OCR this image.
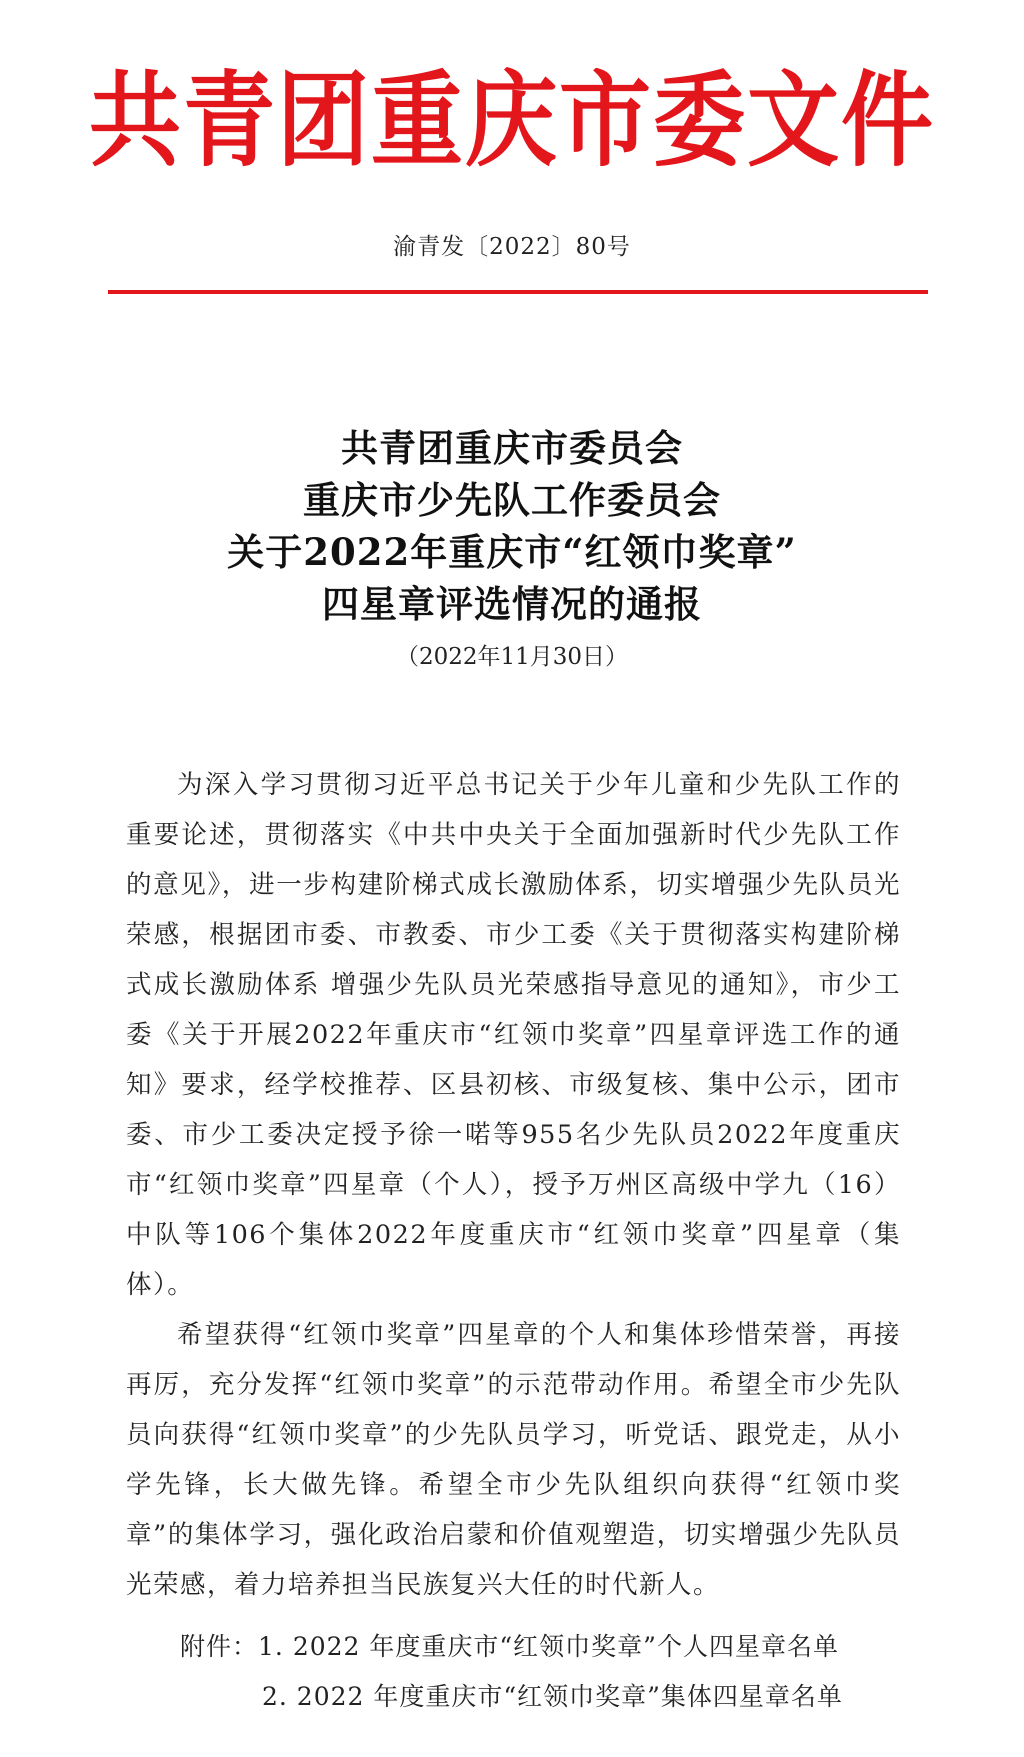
共青团重庆市委文件
渝青发〔2022〕80号
共青团重庆市委员会
重庆市少先队工作委员会
关于2022年重庆市“红领巾奖章”
四星章评选情况的通报
（2022年11月30日）

为深入学习贯彻习近平总书记关于少年儿童和少先队工作的重要论述，贯彻落实《中共中央关于全面加强新时代少先队工作的意见》，进一步构建阶梯式成长激励体系，切实增强少先队员光荣感，根据团市委、市教委、市少工委《关于贯彻落实构建阶梯式成长激励体系 增强少先队员光荣感指导意见的通知》，市少工委《关于开展2022年重庆市“红领巾奖章”四星章评选工作的通知》要求，经学校推荐、区县初核、市级复核、集中公示，团市委、市少工委决定授予徐一喏等955名少先队员2022年度重庆市“红领巾奖章”四星章（个人），授予万州区高级中学九（16）中队等106个集体2022年度重庆市“红领巾奖章”四星章（集体）。

希望获得“红领巾奖章”四星章的个人和集体珍惜荣誉，再接再厉，充分发挥“红领巾奖章”的示范带动作用。希望全市少先队员向获得“红领巾奖章”的少先队员学习，听党话、跟党走，从小学先锋，长大做先锋。希望全市少先队组织向获得“红领巾奖章”的集体学习，强化政治启蒙和价值观塑造，切实增强少先队员光荣感，着力培养担当民族复兴大任的时代新人。

附件：1. 2022 年度重庆市“红领巾奖章”个人四星章名单
2. 2022 年度重庆市“红领巾奖章”集体四星章名单
